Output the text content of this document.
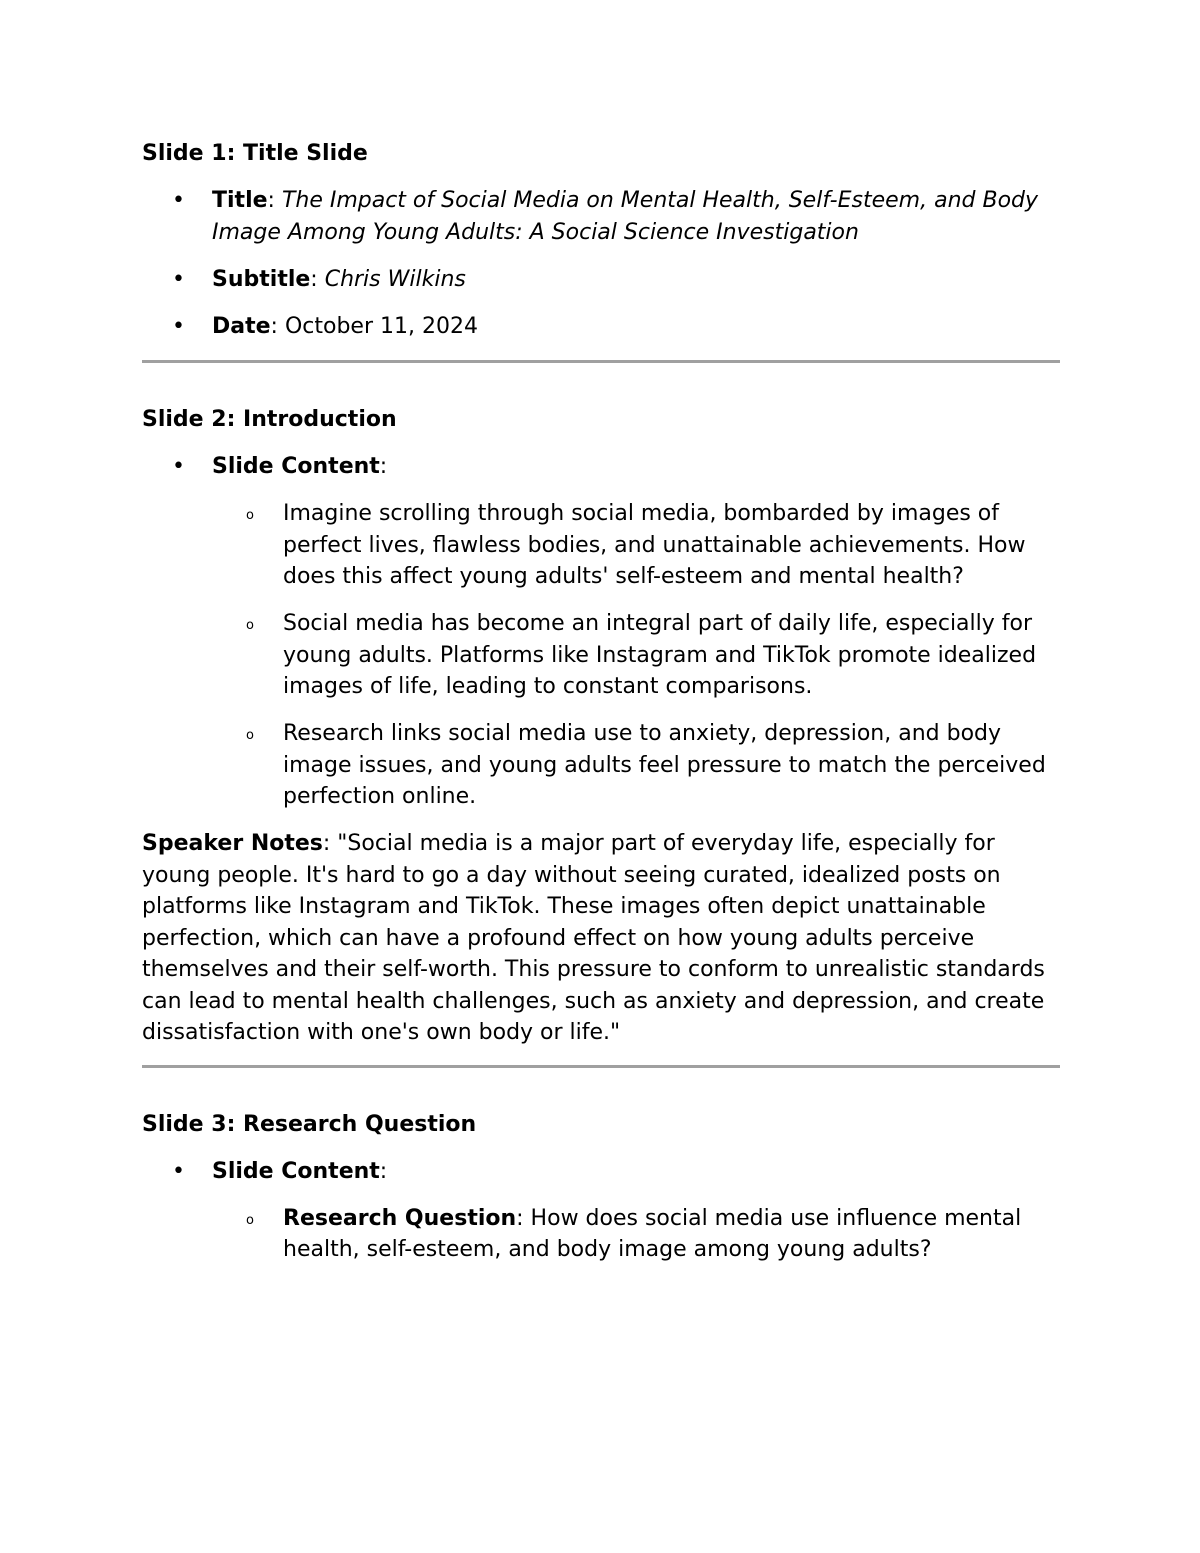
Slide 1: Title Slide

• Title: The Impact of Social Media on Mental Health, Self-Esteem, and Body Image Among Young Adults: A Social Science Investigation
• Subtitle: Chris Wilkins
• Date: October 11, 2024

Slide 2: Introduction

• Slide Content:
o Imagine scrolling through social media, bombarded by images of perfect lives, flawless bodies, and unattainable achievements. How does this affect young adults' self-esteem and mental health?
o Social media has become an integral part of daily life, especially for young adults. Platforms like Instagram and TikTok promote idealized images of life, leading to constant comparisons.
o Research links social media use to anxiety, depression, and body image issues, and young adults feel pressure to match the perceived perfection online.

Speaker Notes: "Social media is a major part of everyday life, especially for young people. It's hard to go a day without seeing curated, idealized posts on platforms like Instagram and TikTok. These images often depict unattainable perfection, which can have a profound effect on how young adults perceive themselves and their self-worth. This pressure to conform to unrealistic standards can lead to mental health challenges, such as anxiety and depression, and create dissatisfaction with one's own body or life."

Slide 3: Research Question

• Slide Content:
o Research Question: How does social media use influence mental health, self-esteem, and body image among young adults?
